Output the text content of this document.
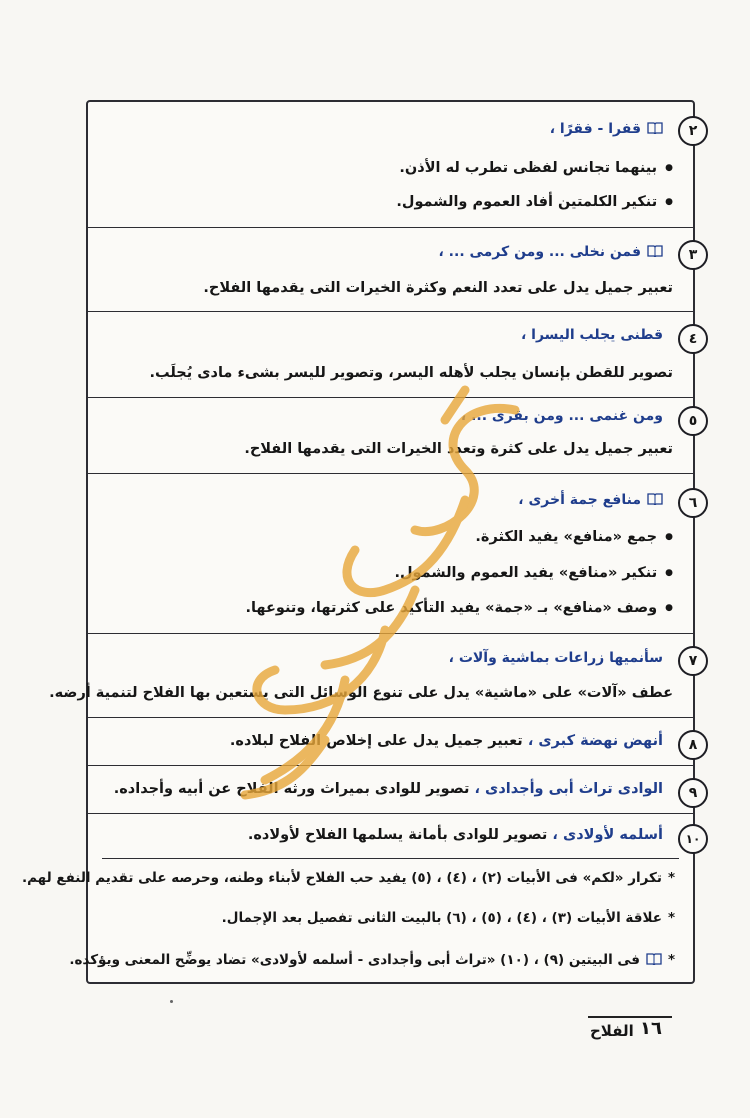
٢
قفرا - فقرًا ،
● بينهما تجانس لفظى تطرب له الأذن.
● تنكير الكلمتين أفاد العموم والشمول.
٣
فمن نخلى ... ومن كرمى ... ،
تعبير جميل يدل على تعدد النعم وكثرة الخيرات التى يقدمها الفلاح.
٤
قطنى يجلب اليسرا ،
تصوير للقطن بإنسان يجلب لأهله اليسر، وتصوير لليسر بشىء مادى يُجلَب.
٥
ومن غنمى ... ومن بقرى ... ،
تعبير جميل يدل على كثرة وتعدد الخيرات التى يقدمها الفلاح.
٦
منافع جمة أخرى ،
● جمع «منافع» يفيد الكثرة.
● تنكير «منافع» يفيد العموم والشمول.
● وصف «منافع» بـ «جمة» يفيد التأكيد على كثرتها، وتنوعها.
٧
سأنميها زراعات بماشية وآلات ،
عطف «آلات» على «ماشية» يدل على تنوع الوسائل التى يستعين بها الفلاح لتنمية أرضه.
٨
أنهض نهضة كبرى ، تعبير جميل يدل على إخلاص الفلاح لبلاده.
٩
الوادى تراث أبى وأجدادى ، تصوير للوادى بميراث ورثه الفلاح عن أبيه وأجداده.
١٠
أسلمه لأولادى ، تصوير للوادى بأمانة يسلمها الفلاح لأولاده.
*تكرار «لكم» فى الأبيات (٢) ، (٤) ، (٥) يفيد حب الفلاح لأبناء وطنه، وحرصه على تقديم النفع لهم.
*علاقة الأبيات (٣) ، (٤) ، (٥) ، (٦) بالبيت الثانى تفصيل بعد الإجمال.
*فى البيتين (٩) ، (١٠) «تراث أبى وأجدادى - أسلمه لأولادى» تضاد يوضِّح المعنى ويؤكده.
الفلاح ١٦
